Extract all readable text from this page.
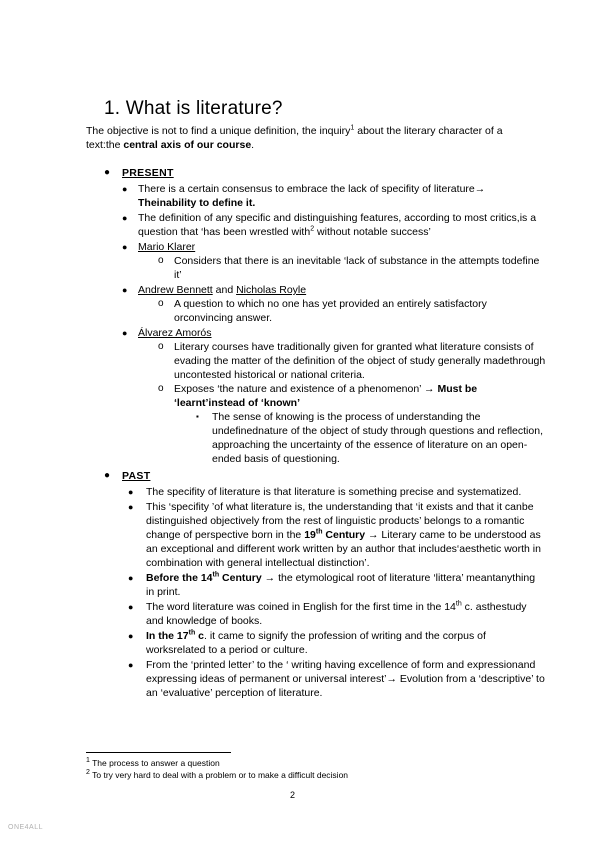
1. What is literature?
The objective is not to find a unique definition, the inquiry$^1$ about the literary character of a text:the central axis of our course.
● PRESENT
● There is a certain consensus to embrace the lack of specifity of literature→ Theinability to define it.
● The definition of any specific and distinguishing features, according to most critics,is a question that ‘has been wrestled with$^2$ without notable success’
● Mario Klarer
o Considers that there is an inevitable ‘lack of substance in the attempts todefine it’
● Andrew Bennett and Nicholas Royle
o A question to which no one has yet provided an entirely satisfactory orconvincing answer.
● Álvarez Amorós
o Literary courses have traditionally given for granted what literature consists of evading the matter of the definition of the object of study generally madethrough uncontested historical or national criteria.
o Exposes ‘the nature and existence of a phenomenon’ → Must be ‘learnt’instead of ‘known’
▪ The sense of knowing is the process of understanding the undefinednature of the object of study through questions and reflection, approaching the uncertainty of the essence of literature on an open-ended basis of questioning.
● PAST
● The specifity of literature is that literature is something precise and systematized.
● This ‘specifity ’of what literature is, the understanding that ‘it exists and that it canbe distinguished objectively from the rest of linguistic products’ belongs to a romantic change of perspective born in the 19th Century → Literary came to be understood as an exceptional and different work written by an author that includes‘aesthetic worth in combination with general intellectual distinction’.
● Before the 14th Century → the etymological root of literature ‘littera’ meantanything in print.
● The word literature was coined in English for the first time in the 14th c. asthestudy and knowledge of books.
● In the 17th c. it came to signify the profession of writing and the corpus of worksrelated to a period or culture.
● From the ‘printed letter’ to the ‘ writing having excellence of form and expressionand expressing ideas of permanent or universal interest’→ Evolution from a ‘descriptive’ to an ‘evaluative’ perception of literature.
$^1$ The process to answer a question
$^2$ To try very hard to deal with a problem or to make a difficult decision
2
ONE4ALL
